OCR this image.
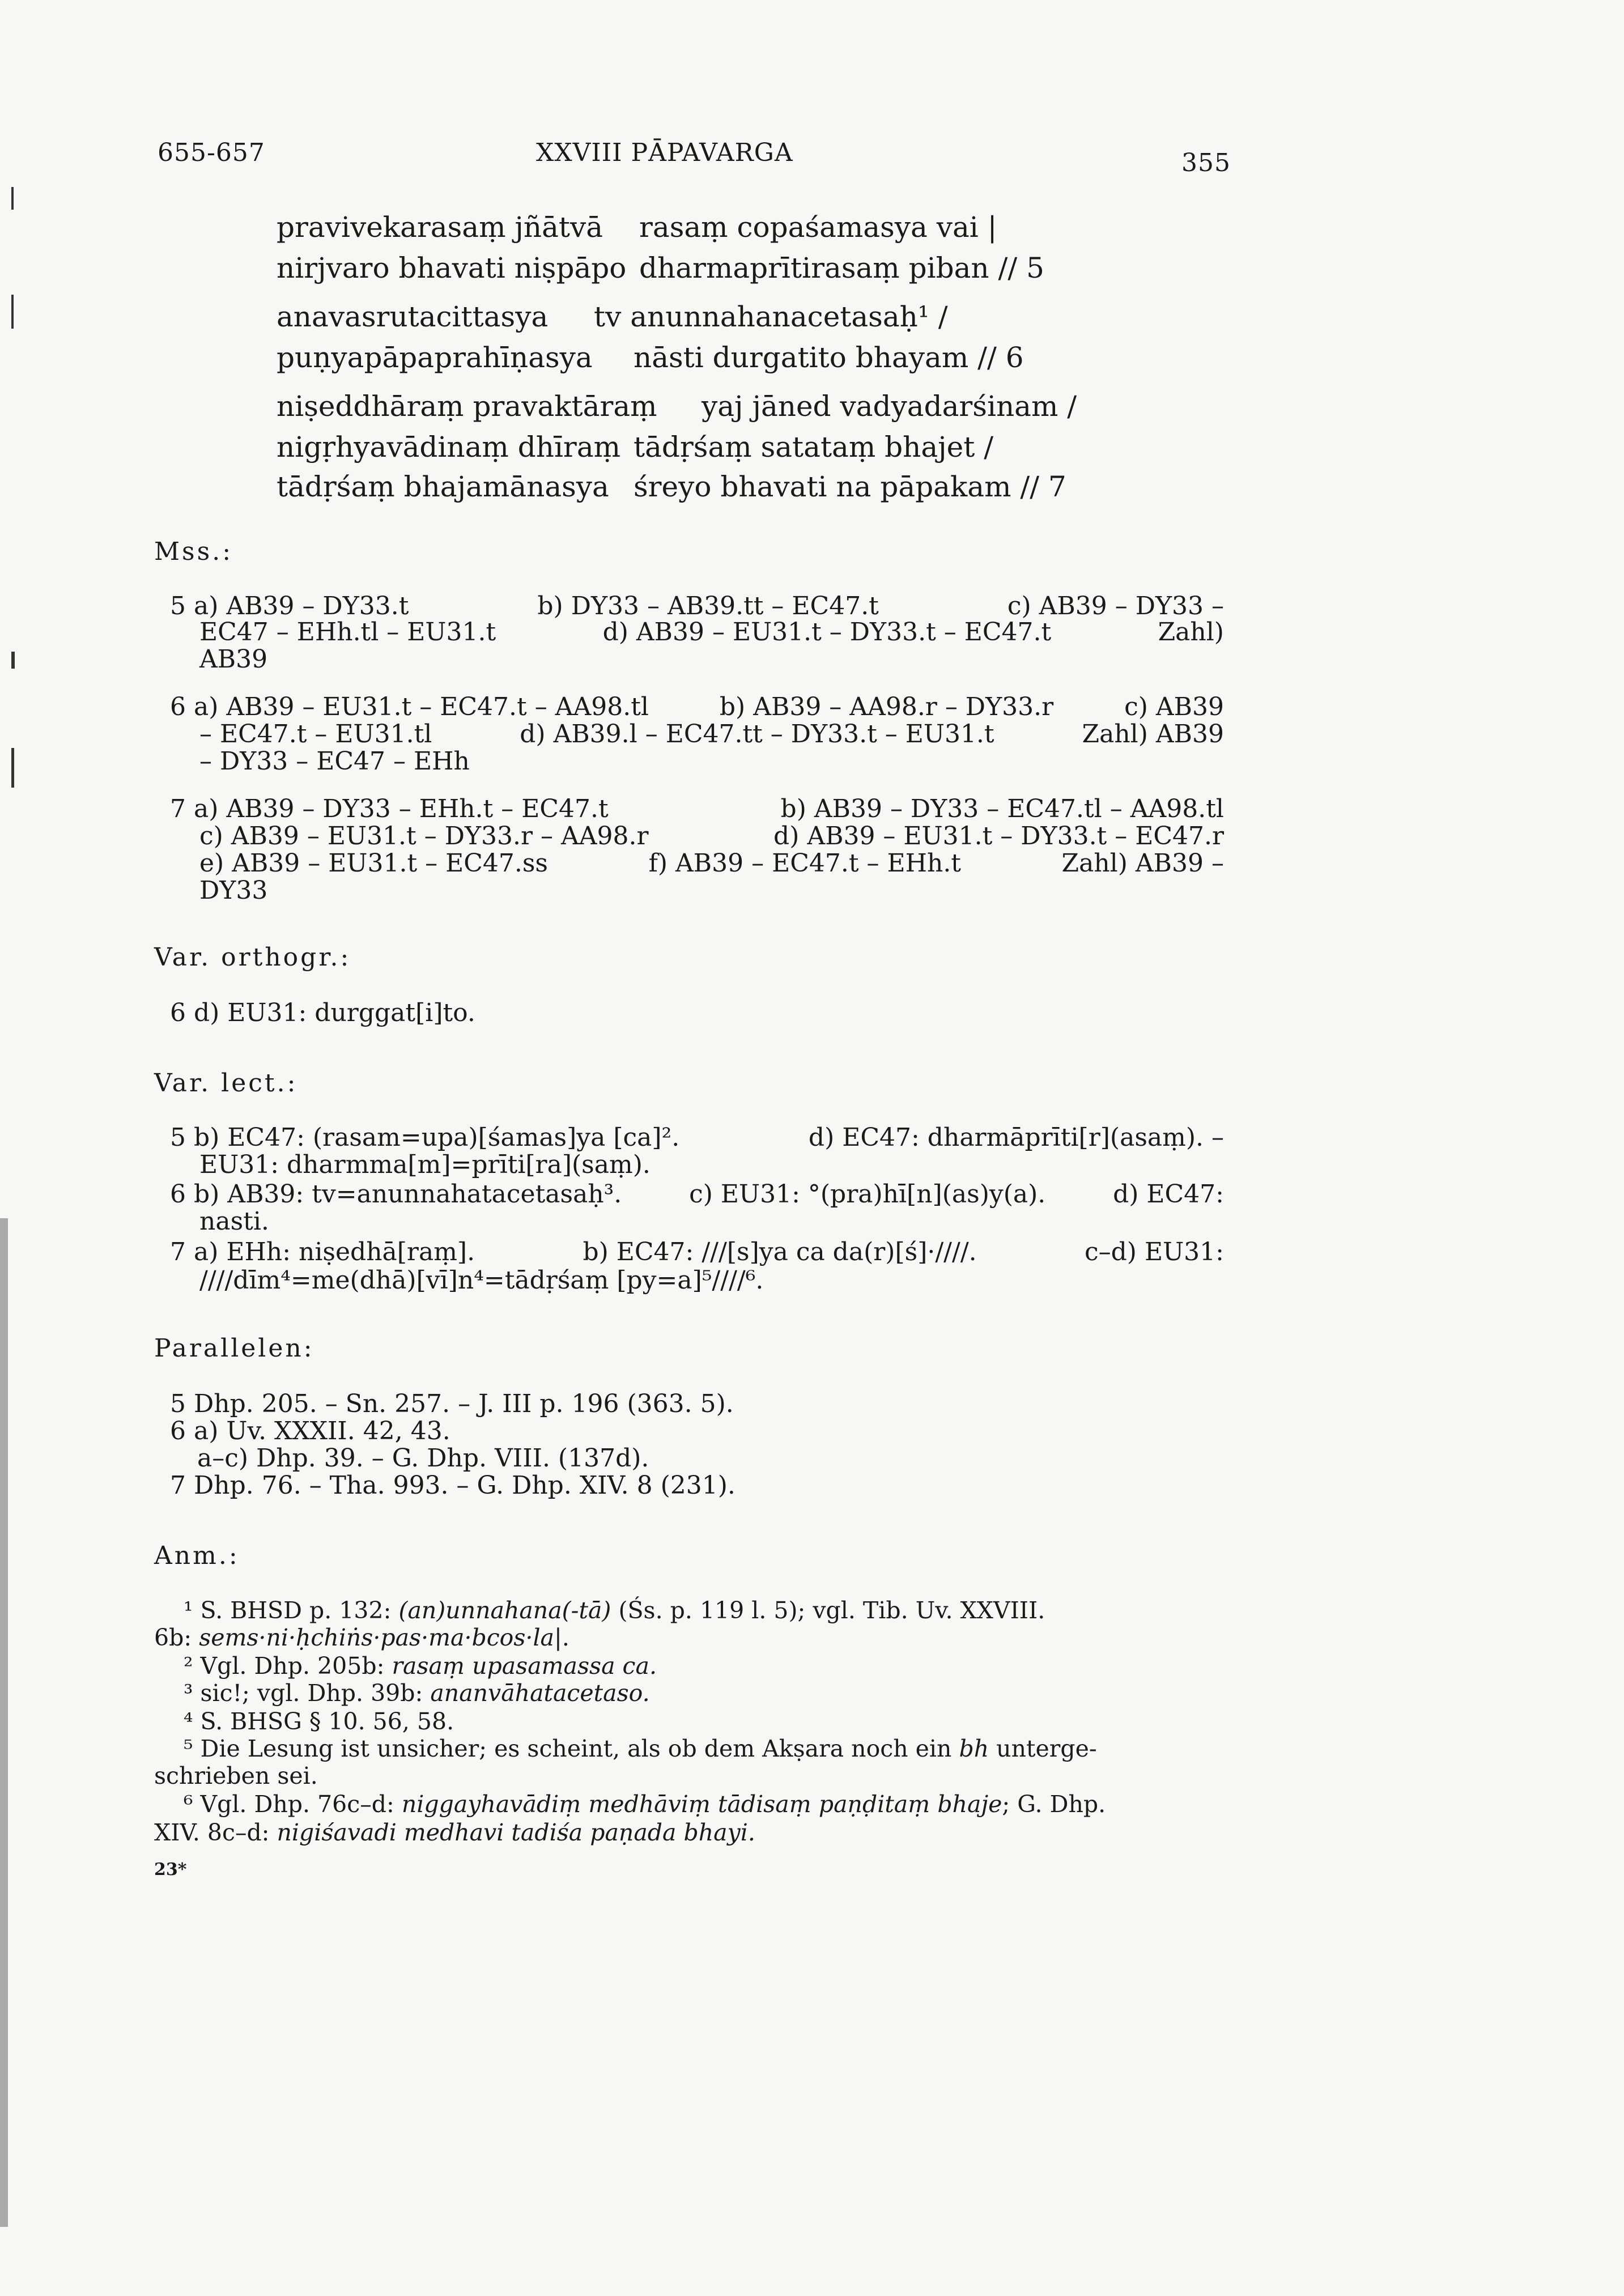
655-657	XXVIII PĀPAVARGA	355
pravivekarasaṃ jñātvā rasaṃ copaśamasya vai |
nirjvaro bhavati niṣpāpo dharmaprītirasaṃ piban // 5
anavasrutacittasya tv anunnahanacetasaḥ¹ /
puṇyapāpaprahīṇasya nāsti durgatito bhayam // 6
niṣeddhāraṃ pravaktāraṃ yaj jāned vadyadarśinam /
nigṛhyavādinaṃ dhīraṃ tādṛśaṃ satataṃ bhajet /
tādṛśaṃ bhajamānasya śreyo bhavati na pāpakam // 7
Mss.:
5 a) AB39 – DY33.t	b) DY33 – AB39.tt – EC47.t	c) AB39 – DY33 –
EC47 – EHh.tl – EU31.t	d) AB39 – EU31.t – DY33.t – EC47.t	Zahl)
AB39
6 a) AB39 – EU31.t – EC47.t – AA98.tl	b) AB39 – AA98.r – DY33.r	c) AB39
– EC47.t – EU31.tl	d) AB39.l – EC47.tt – DY33.t – EU31.t	Zahl) AB39
– DY33 – EC47 – EHh
7 a) AB39 – DY33 – EHh.t – EC47.t	b) AB39 – DY33 – EC47.tl – AA98.tl
c) AB39 – EU31.t – DY33.r – AA98.r	d) AB39 – EU31.t – DY33.t – EC47.r
e) AB39 – EU31.t – EC47.ss	f) AB39 – EC47.t – EHh.t	Zahl) AB39 –
DY33
Var. orthogr.:
6 d) EU31: durggat[i]to.
Var. lect.:
5 b) EC47: (rasam=upa)[śamas]ya [ca]².	d) EC47: dharmāprīti[r](asaṃ). –
EU31: dharmma[m]=prīti[ra](saṃ).
6 b) AB39: tv=anunnahatacetasaḥ³.	c) EU31: °(pra)hī[n](as)y(a).	d) EC47:
nasti.
7 a) EHh: niṣedhā[raṃ].	b) EC47: ///[s]ya ca da(r)[ś]·////.	c–d) EU31:
////dīm⁴=me(dhā)[vī]n⁴=tādṛśaṃ [py=a]⁵////⁶.
Parallelen:
5 Dhp. 205. – Sn. 257. – J. III p. 196 (363. 5).
6 a) Uv. XXXII. 42, 43.
a–c) Dhp. 39. – G. Dhp. VIII. (137d).
7 Dhp. 76. – Tha. 993. – G. Dhp. XIV. 8 (231).
Anm.:
¹ S. BHSD p. 132: (an)unnahana(-tā) (Śs. p. 119 l. 5); vgl. Tib. Uv. XXVIII.
6b: sems·ni·ḥchiṅs·pas·ma·bcos·la|.
² Vgl. Dhp. 205b: rasaṃ upasamassa ca.
³ sic!; vgl. Dhp. 39b: ananvāhatacetaso.
⁴ S. BHSG § 10. 56, 58.
⁵ Die Lesung ist unsicher; es scheint, als ob dem Akṣara noch ein bh unterge-
schrieben sei.
⁶ Vgl. Dhp. 76c–d: niggayhavādiṃ medhāviṃ tādisaṃ paṇḍitaṃ bhaje; G. Dhp.
XIV. 8c–d: nigiśavadi medhavi tadiśa paṇada bhayi.
23*
